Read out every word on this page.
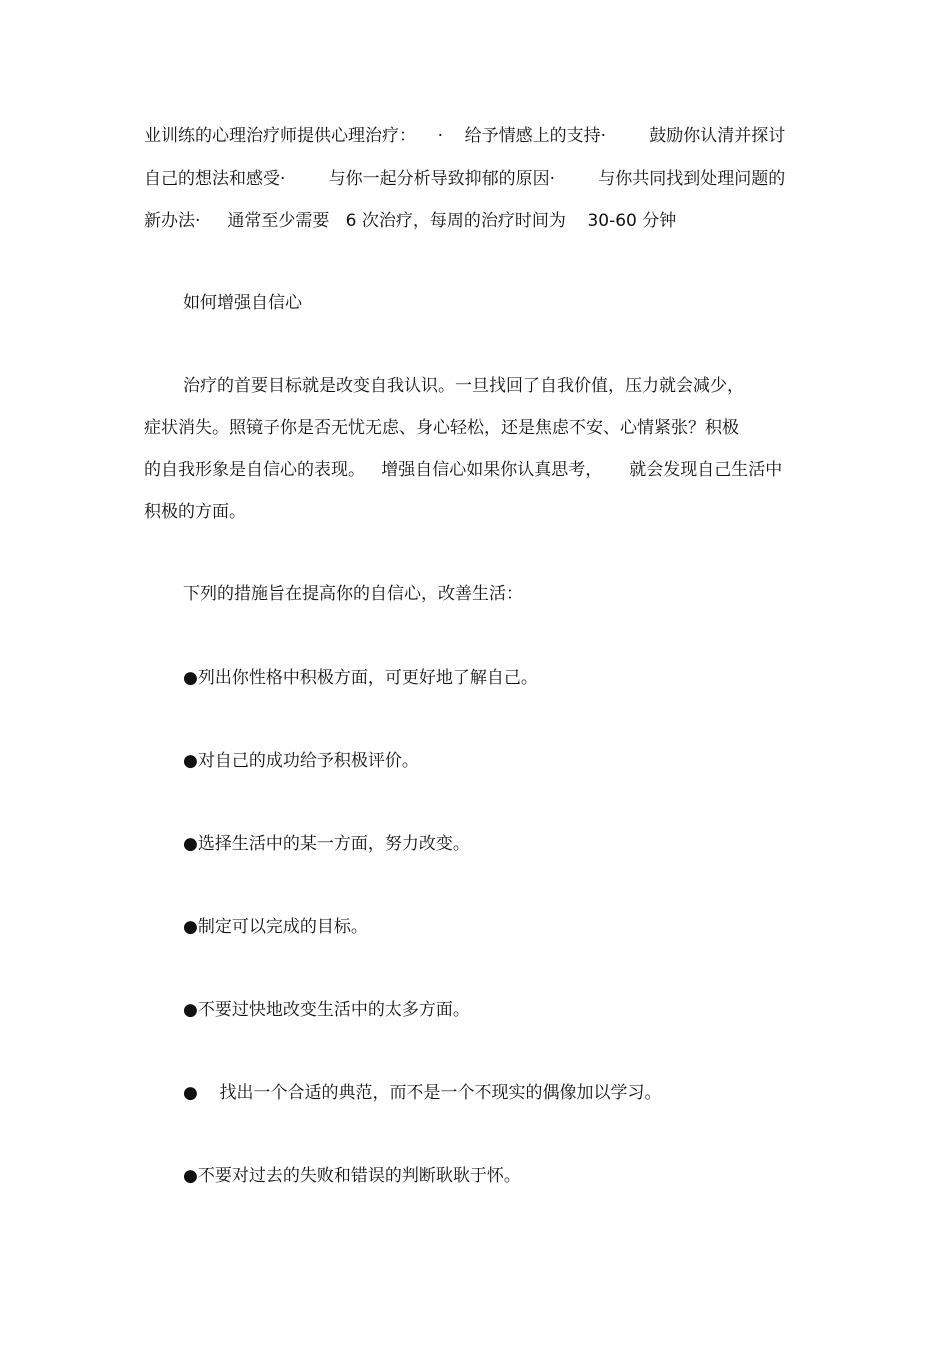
业训练的心理治疗师提供心理治疗：    ·    给予情感上的支持·        鼓励你认清并探讨

自己的想法和感受·        与你一起分析导致抑郁的原因·        与你共同找到处理问题的

新办法·     通常至少需要   6 次治疗，每周的治疗时间为    30-60 分钟

如何增强自信心

治疗的首要目标就是改变自我认识。一旦找回了自我价值，压力就会减少，

症状消失。照镜子你是否无忧无虑、身心轻松，还是焦虑不安、心情紧张？积极

的自我形象是自信心的表现。   增强自信心如果你认真思考，     就会发现自己生活中

积极的方面。

下列的措施旨在提高你的自信心，改善生活：

●列出你性格中积极方面，可更好地了解自己。

●对自己的成功给予积极评价。

●选择生活中的某一方面，努力改变。

●制定可以完成的目标。

●不要过快地改变生活中的太多方面。

●    找出一个合适的典范，而不是一个不现实的偶像加以学习。

●不要对过去的失败和错误的判断耿耿于怀。
